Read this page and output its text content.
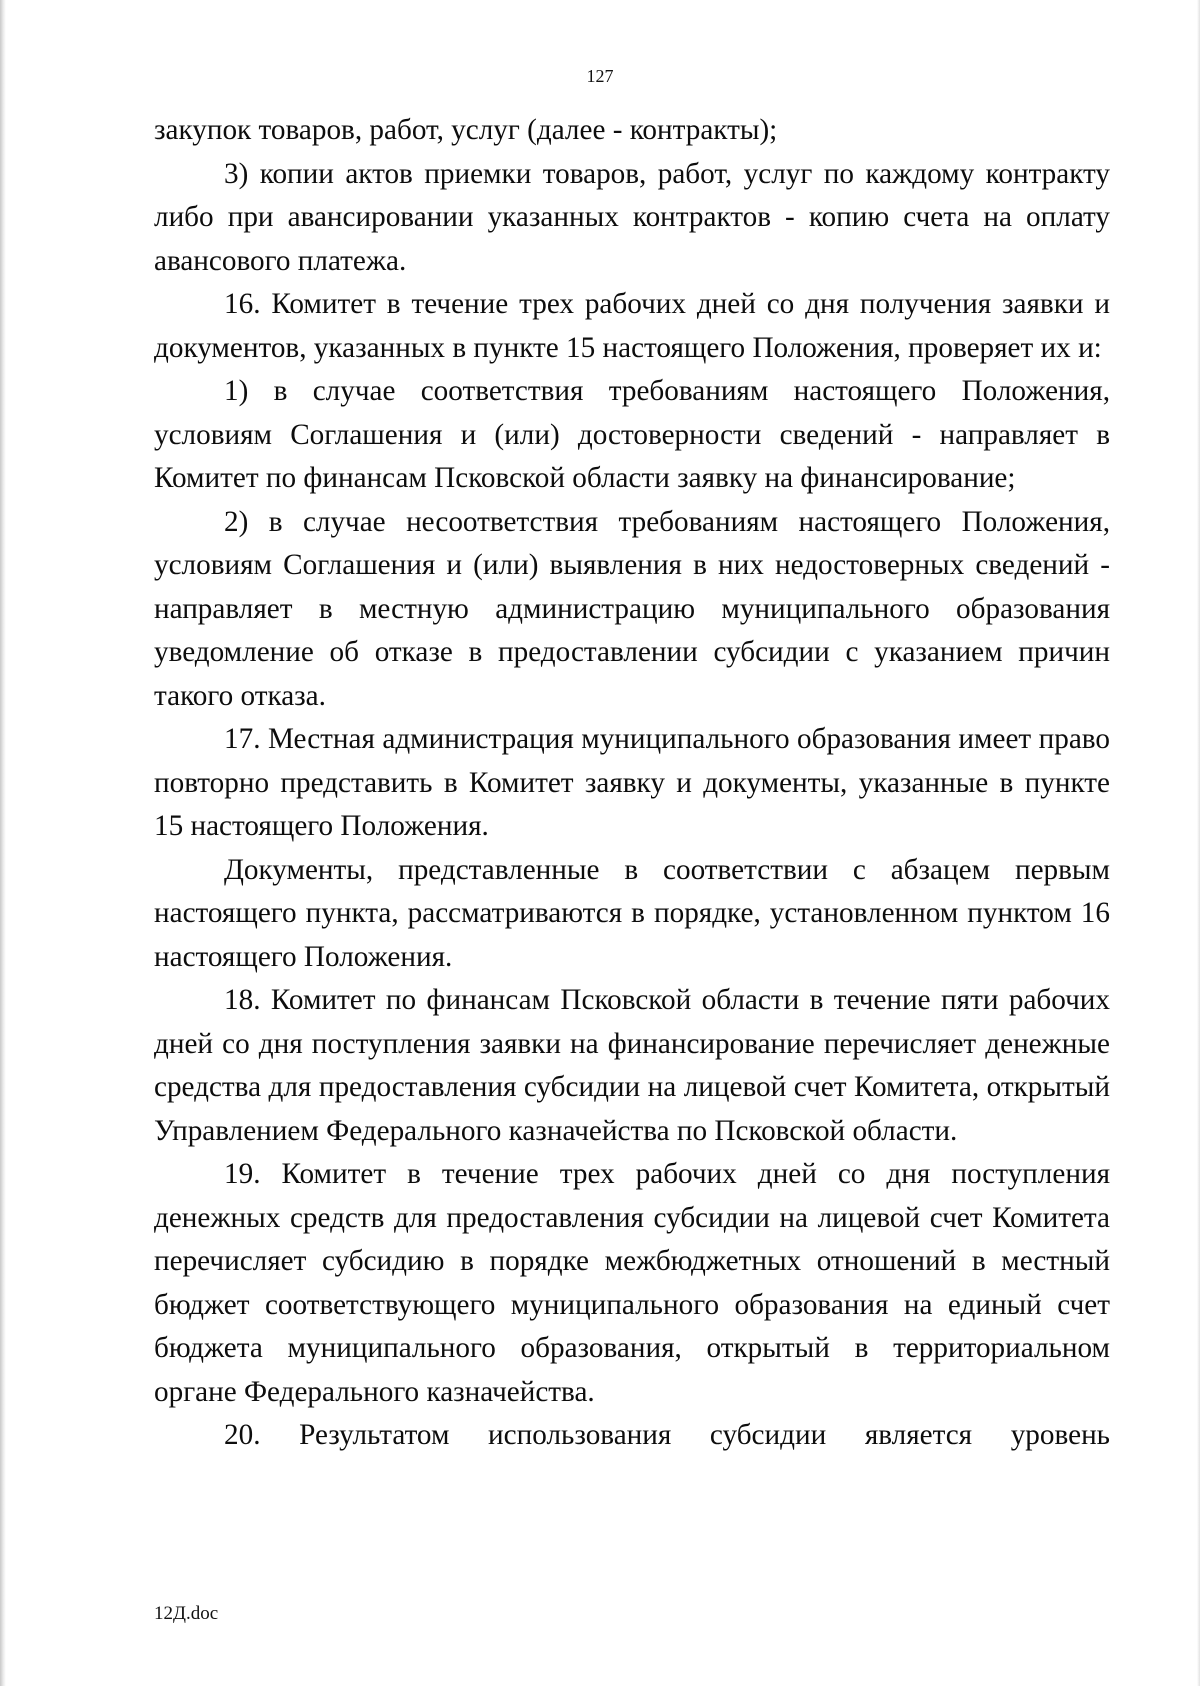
127

закупок товаров, работ, услуг (далее - контракты);

3) копии актов приемки товаров, работ, услуг по каждому контракту либо при авансировании указанных контрактов - копию счета на оплату авансового платежа.

16. Комитет в течение трех рабочих дней со дня получения заявки и документов, указанных в пункте 15 настоящего Положения, проверяет их и:

1) в случае соответствия требованиям настоящего Положения, условиям Соглашения и (или) достоверности сведений - направляет в Комитет по финансам Псковской области заявку на финансирование;

2) в случае несоответствия требованиям настоящего Положения, условиям Соглашения и (или) выявления в них недостоверных сведений - направляет в местную администрацию муниципального образования уведомление об отказе в предоставлении субсидии с указанием причин такого отказа.

17. Местная администрация муниципального образования имеет право повторно представить в Комитет заявку и документы, указанные в пункте 15 настоящего Положения.

Документы, представленные в соответствии с абзацем первым настоящего пункта, рассматриваются в порядке, установленном пунктом 16 настоящего Положения.

18. Комитет по финансам Псковской области в течение пяти рабочих дней со дня поступления заявки на финансирование перечисляет денежные средства для предоставления субсидии на лицевой счет Комитета, открытый Управлением Федерального казначейства по Псковской области.

19. Комитет в течение трех рабочих дней со дня поступления денежных средств для предоставления субсидии на лицевой счет Комитета перечисляет субсидию в порядке межбюджетных отношений в местный бюджет соответствующего муниципального образования на единый счет бюджета муниципального образования, открытый в территориальном органе Федерального казначейства.

20. Результатом использования субсидии является уровень

12Д.doc
